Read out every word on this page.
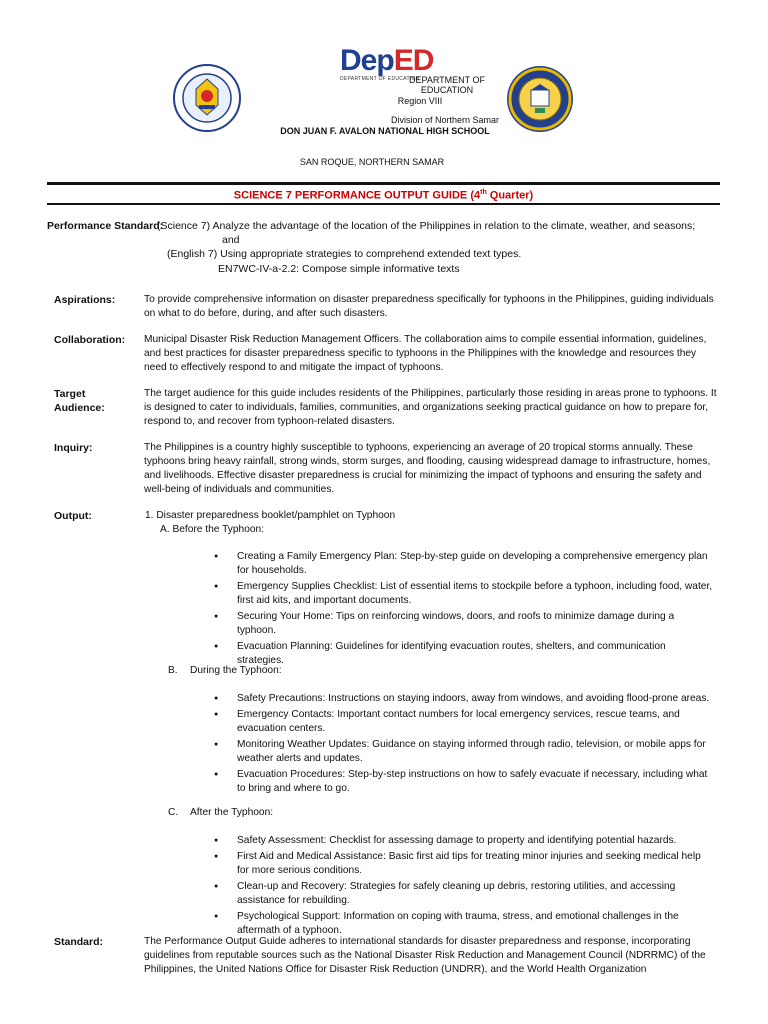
DepED
DEPARTMENT OF EDUCATION
DEPARTMENT OF EDUCATION
Region VIII
Division of Northern Samar
DON JUAN F. AVALON NATIONAL HIGH SCHOOL
SAN ROQUE, NORTHERN SAMAR
SCIENCE 7 PERFORMANCE OUTPUT GUIDE (4th Quarter)
Performance Standard:
(Science 7) Analyze the advantage of the location of the Philippines in relation to the climate, weather, and seasons;
and
(English 7) Using appropriate strategies to comprehend extended text types.
EN7WC-IV-a-2.2: Compose simple informative texts
Aspirations:	To provide comprehensive information on disaster preparedness specifically for typhoons in the Philippines, guiding individuals on what to do before, during, and after such disasters.
Collaboration: Municipal Disaster Risk Reduction Management Officers. The collaboration aims to compile essential information, guidelines, and best practices for disaster preparedness specific to typhoons in the Philippines with the knowledge and resources they need to effectively respond to and mitigate the impact of typhoons.
Target Audience:
The target audience for this guide includes residents of the Philippines, particularly those residing in areas prone to typhoons. It is designed to cater to individuals, families, communities, and organizations seeking practical guidance on how to prepare for, respond to, and recover from typhoon-related disasters.
Inquiry:	The Philippines is a country highly susceptible to typhoons, experiencing an average of 20 tropical storms annually. These typhoons bring heavy rainfall, strong winds, storm surges, and flooding, causing widespread damage to infrastructure, homes, and livelihoods. Effective disaster preparedness is crucial for minimizing the impact of typhoons and ensuring the safety and well-being of individuals and communities.
Output:	1. Disaster preparedness booklet/pamphlet on Typhoon
A. Before the Typhoon:
● Creating a Family Emergency Plan: Step-by-step guide on developing a comprehensive emergency plan for households.
● Emergency Supplies Checklist: List of essential items to stockpile before a typhoon, including food, water, first aid kits, and important documents.
● Securing Your Home: Tips on reinforcing windows, doors, and roofs to minimize damage during a typhoon.
● Evacuation Planning: Guidelines for identifying evacuation routes, shelters, and communication strategies.
B. During the Typhoon:
● Safety Precautions: Instructions on staying indoors, away from windows, and avoiding flood-prone areas.
● Emergency Contacts: Important contact numbers for local emergency services, rescue teams, and evacuation centers.
● Monitoring Weather Updates: Guidance on staying informed through radio, television, or mobile apps for weather alerts and updates.
● Evacuation Procedures: Step-by-step instructions on how to safely evacuate if necessary, including what to bring and where to go.
C. After the Typhoon:
● Safety Assessment: Checklist for assessing damage to property and identifying potential hazards.
● First Aid and Medical Assistance: Basic first aid tips for treating minor injuries and seeking medical help for more serious conditions.
● Clean-up and Recovery: Strategies for safely cleaning up debris, restoring utilities, and accessing assistance for rebuilding.
● Psychological Support: Information on coping with trauma, stress, and emotional challenges in the aftermath of a typhoon.
Standard:	The Performance Output Guide adheres to international standards for disaster preparedness and response, incorporating guidelines from reputable sources such as the National Disaster Risk Reduction and Management Council (NDRRMC) of the Philippines, the United Nations Office for Disaster Risk Reduction (UNDRR), and the World Health Organization
